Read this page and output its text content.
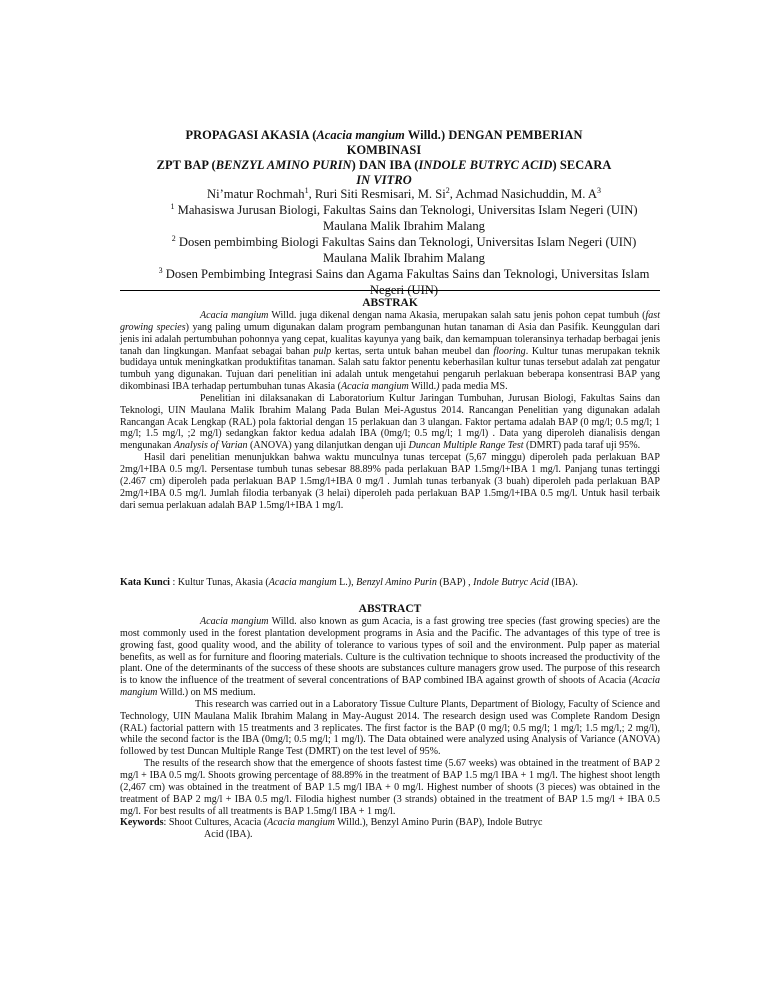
PROPAGASI AKASIA (Acacia mangium Willd.) DENGAN PEMBERIAN KOMBINASI
ZPT BAP (BENZYL AMINO PURIN) DAN IBA (INDOLE BUTRYC ACID) SECARA IN VITRO

Ni’matur Rochmah$^1$, Ruri Siti Resmisari, M. Si$^2$, Achmad Nasichuddin, M. $A^3$

$^1$ Mahasiswa Jurusan Biologi, Fakultas Sains dan Teknologi, Universitas Islam Negeri (UIN) Maulana Malik Ibrahim Malang

$^2$ Dosen pembimbing Biologi Fakultas Sains dan Teknologi, Universitas Islam Negeri (UIN) Maulana Malik Ibrahim Malang

$^3$ Dosen Pembimbing Integrasi Sains dan Agama Fakultas Sains dan Teknologi, Universitas Islam Negeri (UIN)

ABSTRAK

Acacia mangium Willd. juga dikenal dengan nama Akasia, merupakan salah satu jenis pohon cepat tumbuh (fast growing species) yang paling umum digunakan dalam program pembangunan hutan tanaman di Asia dan Pasifik. Keunggulan dari jenis ini adalah pertumbuhan pohonnya yang cepat, kualitas kayunya yang baik, dan kemampuan toleransinya terhadap berbagai jenis tanah dan lingkungan. Manfaat sebagai bahan pulp kertas, serta untuk bahan meubel dan flooring. Kultur tunas merupakan teknik budidaya untuk meningkatkan produktifitas tanaman. Salah satu faktor penentu keberhasilan kultur tunas tersebut adalah zat pengatur tumbuh yang digunakan. Tujuan dari penelitian ini adalah untuk mengetahui pengaruh perlakuan beberapa konsentrasi BAP yang dikombinasi IBA terhadap pertumbuhan tunas Akasia (Acacia mangium Willd.) pada media MS.

Penelitian ini dilaksanakan di Laboratorium Kultur Jaringan Tumbuhan, Jurusan Biologi, Fakultas Sains dan Teknologi, UIN Maulana Malik Ibrahim Malang Pada Bulan Mei-Agustus 2014. Rancangan Penelitian yang digunakan adalah Rancangan Acak Lengkap (RAL) pola faktorial dengan 15 perlakuan dan 3 ulangan. Faktor pertama adalah BAP (0 mg/l; 0.5 mg/l; 1 mg/l; 1.5 mg/l, ;2 mg/l) sedangkan faktor kedua adalah IBA (0mg/l; 0.5 mg/l; 1 mg/l) . Data yang diperoleh dianalisis dengan mengunakan Analysis of Varian (ANOVA) yang dilanjutkan dengan uji Duncan Multiple Range Test (DMRT) pada taraf uji 95%.

Hasil dari penelitian menunjukkan bahwa waktu munculnya tunas tercepat (5,67 minggu) diperoleh pada perlakuan BAP 2mg/l+IBA 0.5 mg/l. Persentase tumbuh tunas sebesar 88.89% pada perlakuan BAP 1.5mg/l+IBA 1 mg/l. Panjang tunas tertinggi (2.467 cm) diperoleh pada perlakuan BAP 1.5mg/l+IBA 0 mg/l . Jumlah tunas terbanyak (3 buah) diperoleh pada perlakuan BAP 2mg/l+IBA 0.5 mg/l. Jumlah filodia terbanyak (3 helai) diperoleh pada perlakuan BAP 1.5mg/l+IBA 0.5 mg/l. Untuk hasil terbaik dari semua perlakuan adalah BAP 1.5mg/l+IBA 1 mg/l.

Kata Kunci : Kultur Tunas, Akasia (Acacia mangium L.), Benzyl Amino Purin (BAP) , Indole Butryc Acid (IBA).

ABSTRACT

Acacia mangium Willd. also known as gum Acacia, is a fast growing tree species (fast growing species) are the most commonly used in the forest plantation development programs in Asia and the Pacific. The advantages of this type of tree is growing fast, good quality wood, and the ability of tolerance to various types of soil and the environment. Pulp paper as material benefits, as well as for furniture and flooring materials. Culture is the cultivation technique to shoots increased the productivity of the plant. One of the determinants of the success of these shoots are substances culture managers grow used. The purpose of this research is to know the influence of the treatment of several concentrations of BAP combined IBA against growth of shoots of Acacia (Acacia mangium Willd.) on MS medium.

This research was carried out in a Laboratory Tissue Culture Plants, Department of Biology, Faculty of Science and Technology, UIN Maulana Malik Ibrahim Malang in May-August 2014. The research design used was Complete Random Design (RAL) factorial pattern with 15 treatments and 3 replicates. The first factor is the BAP (0 mg/l; 0.5 mg/l; 1 mg/l; 1.5 mg/l,; 2 mg/l), while the second factor is the IBA (0mg/l; 0.5 mg/l; 1 mg/l). The Data obtained were analyzed using Analysis of Variance (ANOVA) followed by test Duncan Multiple Range Test (DMRT) on the test level of 95%.

The results of the research show that the emergence of shoots fastest time (5.67 weeks) was obtained in the treatment of BAP 2 mg/l + IBA 0.5 mg/l. Shoots growing percentage of 88.89% in the treatment of BAP 1.5 mg/l IBA + 1 mg/l. The highest shoot length (2,467 cm) was obtained in the treatment of BAP 1.5 mg/l IBA + 0 mg/l. Highest number of shoots (3 pieces) was obtained in the treatment of BAP 2 mg/l + IBA 0.5 mg/l. Filodia highest number (3 strands) obtained in the treatment of BAP 1.5 mg/l + IBA 0.5 mg/l. For best results of all treatments is BAP 1.5mg/l IBA + 1 mg/l.

Keywords: Shoot Cultures, Acacia (Acacia mangium Willd.), Benzyl Amino Purin (BAP), Indole Butryc
Acid (IBA).
